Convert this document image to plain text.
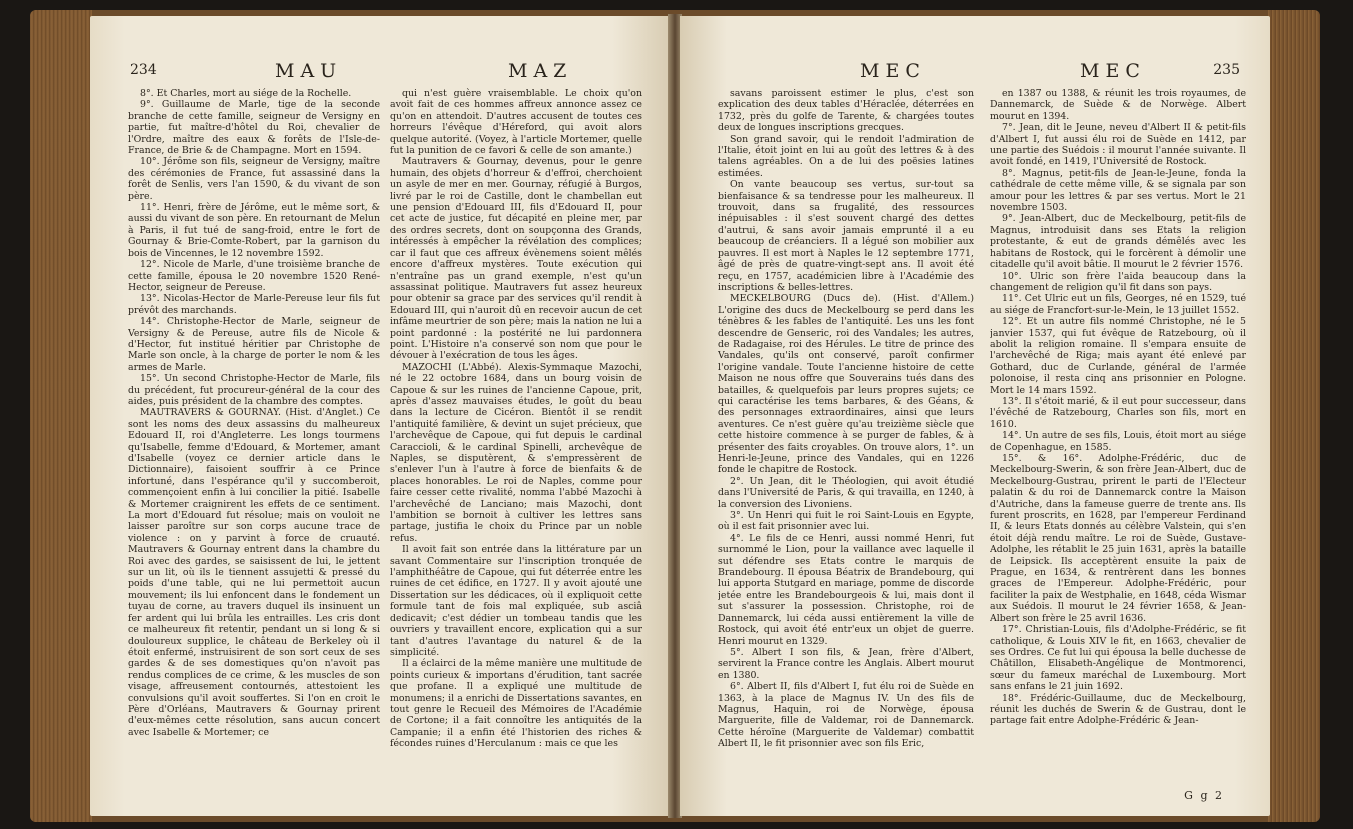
234	MAU	MAZ

8°. Et Charles, mort au siége de la Rochelle.

9°. Guillaume de Marle, tige de la seconde branche de cette famille, seigneur de Versigny en partie, fut maître-d'hôtel du Roi, chevalier de l'Ordre, maître des eaux & forêts de l'Isle-de-France, de Brie & de Champagne. Mort en 1594.

10°. Jérôme son fils, seigneur de Versigny, maître des cérémonies de France, fut assassiné dans la forêt de Senlis, vers l'an 1590, & du vivant de son père.

11°. Henri, frère de Jérôme, eut le même sort, & aussi du vivant de son père. En retournant de Melun à Paris, il fut tué de sang-froid, entre le fort de Gournay & Brie-Comte-Robert, par la garnison du bois de Vincennes, le 12 novembre 1592.

12°. Nicole de Marle, d'une troisième branche de cette famille, épousa le 20 novembre 1520 René-Hector, seigneur de Pereuse.

13°. Nicolas-Hector de Marle-Pereuse leur fils fut prévôt des marchands.

14°. Christophe-Hector de Marle, seigneur de Versigny & de Pereuse, autre fils de Nicole & d'Hector, fut institué héritier par Christophe de Marle son oncle, à la charge de porter le nom & les armes de Marle.

15°. Un second Christophe-Hector de Marle, fils du précédent, fut procureur-général de la cour des aides, puis président de la chambre des comptes.

MAUTRAVERS & GOURNAY. (Hist. d'Anglet.) Ce sont les noms des deux assassins du malheureux Edouard II, roi d'Angleterre. Les longs tourmens qu'Isabelle, femme d'Edouard, & Mortemer, amant d'Isabelle (voyez ce dernier article dans le Dictionnaire), faisoient souffrir à ce Prince infortuné, dans l'espérance qu'il y succomberoit, commençoient enfin à lui concilier la pitié. Isabelle & Mortemer craignirent les effets de ce sentiment. La mort d'Edouard fut résolue; mais on vouloit ne laisser paroître sur son corps aucune trace de violence : on y parvint à force de cruauté. Mautravers & Gournay entrent dans la chambre du Roi avec des gardes, se saisissent de lui, le jettent sur un lit, où ils le tiennent assujetti & pressé du poids d'une table, qui ne lui permettoit aucun mouvement; ils lui enfoncent dans le fondement un tuyau de corne, au travers duquel ils insinuent un fer ardent qui lui brûla les entrailles. Les cris dont ce malheureux fit retentir, pendant un si long & si douloureux supplice, le château de Berkeley où il étoit enfermé, instruisirent de son sort ceux de ses gardes & de ses domestiques qu'on n'avoit pas rendus complices de ce crime, & les muscles de son visage, affreusement contournés, attestoient les convulsions qu'il avoit souffertes. Si l'on en croit le Père d'Orléans, Mautravers & Gournay prirent d'eux-mêmes cette résolution, sans aucun concert avec Isabelle & Mortemer; ce

qui n'est guère vraisemblable. Le choix qu'on avoit fait de ces hommes affreux annonce assez ce qu'on en attendoit. D'autres accusent de toutes ces horreurs l'évêque d'Héreford, qui avoit alors quelque autorité. (Voyez, à l'article Mortemer, quelle fut la punition de ce favori & celle de son amante.)

Mautravers & Gournay, devenus, pour le genre humain, des objets d'horreur & d'effroi, cherchoient un asyle de mer en mer. Gournay, réfugié à Burgos, livré par le roi de Castille, dont le chambellan eut une pension d'Edouard III, fils d'Edouard II, pour cet acte de justice, fut décapité en pleine mer, par des ordres secrets, dont on soupçonna des Grands, intéressés à empêcher la révélation des complices; car il faut que ces affreux évènemens soient mêlés encore d'affreux mystères. Toute exécution qui n'entraîne pas un grand exemple, n'est qu'un assassinat politique. Mautravers fut assez heureux pour obtenir sa grace par des services qu'il rendit à Edouard III, qui n'auroit dû en recevoir aucun de cet infâme meurtrier de son père; mais la nation ne lui a point pardonné : la postérité ne lui pardonnera point. L'Histoire n'a conservé son nom que pour le dévouer à l'exécration de tous les âges.

MAZOCHI (L'Abbé). Alexis-Symmaque Mazochi, né le 22 octobre 1684, dans un bourg voisin de Capoue & sur les ruines de l'ancienne Capoue, prit, après d'assez mauvaises études, le goût du beau dans la lecture de Cicéron. Bientôt il se rendit l'antiquité familière, & devint un sujet précieux, que l'archevêque de Capoue, qui fut depuis le cardinal Caraccioli, & le cardinal Spinelli, archevêque de Naples, se disputèrent, & s'empressèrent de s'enlever l'un à l'autre à force de bienfaits & de places honorables. Le roi de Naples, comme pour faire cesser cette rivalité, nomma l'abbé Mazochi à l'archevêché de Lanciano; mais Mazochi, dont l'ambition se bornoit à cultiver les lettres sans partage, justifia le choix du Prince par un noble refus.

Il avoit fait son entrée dans la littérature par un savant Commentaire sur l'inscription tronquée de l'amphithéâtre de Capoue, qui fut déterrée entre les ruines de cet édifice, en 1727. Il y avoit ajouté une Dissertation sur les dédicaces, où il expliquoit cette formule tant de fois mal expliquée, sub asciâ dedicavit; c'est dédier un tombeau tandis que les ouvriers y travaillent encore, explication qui a sur tant d'autres l'avantage du naturel & de la simplicité.

Il a éclairci de la même manière une multitude de points curieux & importans d'érudition, tant sacrée que profane. Il a expliqué une multitude de monumens; il a enrichi de Dissertations savantes, en tout genre le Recueil des Mémoires de l'Académie de Cortone; il a fait connoître les antiquités de la Campanie; il a enfin été l'historien des riches & fécondes ruines d'Herculanum : mais ce que les

MEC	MEC	235

savans paroissent estimer le plus, c'est son explication des deux tables d'Héraclée, déterrées en 1732, près du golfe de Tarente, & chargées toutes deux de longues inscriptions grecques.

Son grand savoir, qui le rendoit l'admiration de l'Italie, étoit joint en lui au goût des lettres & à des talens agréables. On a de lui des poësies latines estimées.

On vante beaucoup ses vertus, sur-tout sa bienfaisance & sa tendresse pour les malheureux. Il trouvoit, dans sa frugalité, des ressources inépuisables : il s'est souvent chargé des dettes d'autrui, & sans avoir jamais emprunté il a eu beaucoup de créanciers. Il a légué son mobilier aux pauvres. Il est mort à Naples le 12 septembre 1771, âgé de près de quatre-vingt-sept ans. Il avoit été reçu, en 1757, académicien libre à l'Académie des inscriptions & belles-lettres.

MECKELBOURG (Ducs de). (Hist. d'Allem.) L'origine des ducs de Meckelbourg se perd dans les ténèbres & les fables de l'antiquité. Les uns les font descendre de Genseric, roi des Vandales; les autres, de Radagaise, roi des Hérules. Le titre de prince des Vandales, qu'ils ont conservé, paroît confirmer l'origine vandale. Toute l'ancienne histoire de cette Maison ne nous offre que Souverains tués dans des batailles, & quelquefois par leurs propres sujets; ce qui caractérise les tems barbares, & des Géans, & des personnages extraordinaires, ainsi que leurs aventures. Ce n'est guère qu'au treizième siècle que cette histoire commence à se purger de fables, & à présenter des faits croyables. On trouve alors, 1°. un Henri-le-Jeune, prince des Vandales, qui en 1226 fonde le chapitre de Rostock.

2°. Un Jean, dit le Théologien, qui avoit étudié dans l'Université de Paris, & qui travailla, en 1240, à la conversion des Livoniens.

3°. Un Henri qui fuit le roi Saint-Louis en Egypte, où il est fait prisonnier avec lui.

4°. Le fils de ce Henri, aussi nommé Henri, fut surnommé le Lion, pour la vaillance avec laquelle il sut défendre ses Etats contre le marquis de Brandebourg. Il épousa Béatrix de Brandebourg, qui lui apporta Stutgard en mariage, pomme de discorde jetée entre les Brandebourgeois & lui, mais dont il sut s'assurer la possession. Christophe, roi de Dannemarck, lui céda aussi entièrement la ville de Rostock, qui avoit été entr'eux un objet de guerre. Henri mourut en 1329.

5°. Albert I son fils, & Jean, frère d'Albert, servirent la France contre les Anglais. Albert mourut en 1380.

6°. Albert II, fils d'Albert I, fut élu roi de Suède en 1363, à la place de Magnus IV. Un des fils de Magnus, Haquin, roi de Norwège, épousa Marguerite, fille de Valdemar, roi de Dannemarck. Cette héroïne (Marguerite de Valdemar) combattit Albert II, le fit prisonnier avec son fils Eric,

en 1387 ou 1388, & réunit les trois royaumes, de Dannemarck, de Suède & de Norwège. Albert mourut en 1394.

7°. Jean, dit le Jeune, neveu d'Albert II & petit-fils d'Albert I, fut aussi élu roi de Suède en 1412, par une partie des Suédois : il mourut l'année suivante. Il avoit fondé, en 1419, l'Université de Rostock.

8°. Magnus, petit-fils de Jean-le-Jeune, fonda la cathédrale de cette même ville, & se signala par son amour pour les lettres & par ses vertus. Mort le 21 novembre 1503.

9°. Jean-Albert, duc de Meckelbourg, petit-fils de Magnus, introduisit dans ses Etats la religion protestante, & eut de grands démêlés avec les habitans de Rostock, qui le forcèrent à démolir une citadelle qu'il avoit bâtie. Il mourut le 2 février 1576.

10°. Ulric son frère l'aida beaucoup dans la changement de religion qu'il fit dans son pays.

11°. Cet Ulric eut un fils, Georges, né en 1529, tué au siége de Francfort-sur-le-Mein, le 13 juillet 1552.

12°. Et un autre fils nommé Christophe, né le 5 janvier 1537, qui fut évêque de Ratzebourg, où il abolit la religion romaine. Il s'empara ensuite de l'archevêché de Riga; mais ayant été enlevé par Gothard, duc de Curlande, général de l'armée polonoise, il resta cinq ans prisonnier en Pologne. Mort le 14 mars 1592.

13°. Il s'étoit marié, & il eut pour successeur, dans l'évêché de Ratzebourg, Charles son fils, mort en 1610.

14°. Un autre de ses fils, Louis, étoit mort au siége de Copenhague, en 1585.

15°. & 16°. Adolphe-Frédéric, duc de Meckelbourg-Swerin, & son frère Jean-Albert, duc de Meckelbourg-Gustrau, prirent le parti de l'Electeur palatin & du roi de Dannemarck contre la Maison d'Autriche, dans la fameuse guerre de trente ans. Ils furent proscrits, en 1628, par l'empereur Ferdinand II, & leurs Etats donnés au célèbre Valstein, qui s'en étoit déjà rendu maître. Le roi de Suède, Gustave-Adolphe, les rétablit le 25 juin 1631, après la bataille de Leipsick. Ils acceptèrent ensuite la paix de Prague, en 1634, & rentrèrent dans les bonnes graces de l'Empereur. Adolphe-Frédéric, pour faciliter la paix de Westphalie, en 1648, céda Wismar aux Suédois. Il mourut le 24 février 1658, & Jean-Albert son frère le 25 avril 1636.

17°. Christian-Louis, fils d'Adolphe-Frédéric, se fit catholique, & Louis XIV le fit, en 1663, chevalier de ses Ordres. Ce fut lui qui épousa la belle duchesse de Châtillon, Elisabeth-Angélique de Montmorenci, sœur du fameux maréchal de Luxembourg. Mort sans enfans le 21 juin 1692.

18°. Frédéric-Guillaume, duc de Meckelbourg, réunit les duchés de Swerin & de Gustrau, dont le partage fait entre Adolphe-Frédéric & Jean-

G g 2
